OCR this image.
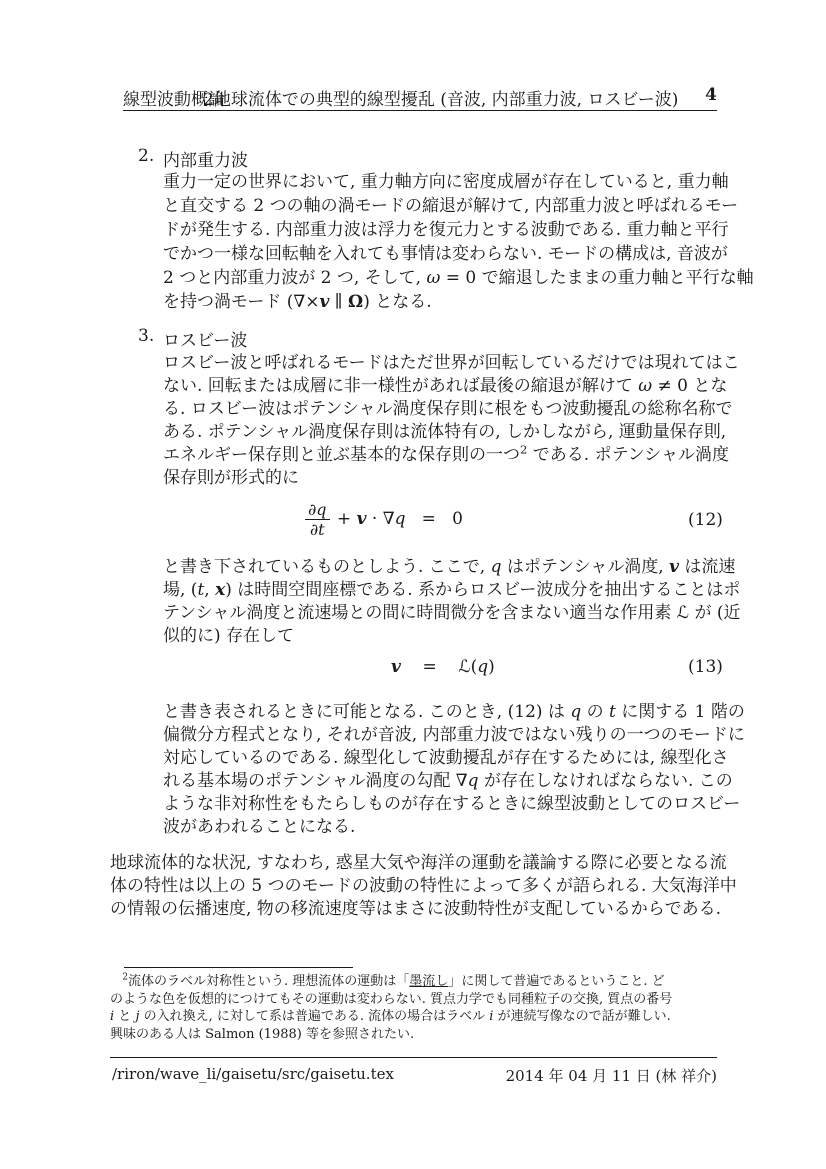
線型波動概論
2地球流体での典型的線型擾乱 (音波, 内部重力波, ロスビー波)	4
2. 内部重力波
重力一定の世界において, 重力軸方向に密度成層が存在していると, 重力軸
と直交する 2 つの軸の渦モードの縮退が解けて, 内部重力波と呼ばれるモー
ドが発生する. 内部重力波は浮力を復元力とする波動である. 重力軸と平行
でかつ一様な回転軸を入れても事情は変わらない. モードの構成は, 音波が
2 つと内部重力波が 2 つ, そして, ω = 0 で縮退したままの重力軸と平行な軸
を持つ渦モード (∇×v ∥ Ω) となる.
3. ロスビー波
ロスビー波と呼ばれるモードはただ世界が回転しているだけでは現れてはこ
ない. 回転または成層に非一様性があれば最後の縮退が解けて ω ≠ 0 とな
る. ロスビー波はポテンシャル渦度保存則に根をもつ波動擾乱の総称名称で
ある. ポテンシャル渦度保存則は流体特有の, しかしながら, 運動量保存則,
エネルギー保存則と並ぶ基本的な保存則の一つ$^2$ である. ポテンシャル渦度
保存則が形式的に
$\frac{\partial q}{\partial t} + v \cdot \nabla q = 0$	(12)
と書き下されているものとしよう. ここで, q はポテンシャル渦度, v は流速
場, (t, x) は時間空間座標である. 系からロスビー波成分を抽出することはポ
テンシャル渦度と流速場との間に時間微分を含まない適当な作用素 ℒ が (近
似的に) 存在して
v    =    ℒ(q)	(13)
と書き表されるときに可能となる. このとき, (12) は q の t に関する 1 階の
偏微分方程式となり, それが音波, 内部重力波ではない残りの一つのモードに
対応しているのである. 線型化して波動擾乱が存在するためには, 線型化さ
れる基本場のポテンシャル渦度の勾配 ∇q が存在しなければならない. この
ような非対称性をもたらしものが存在するときに線型波動としてのロスビー
波があわれることになる.
地球流体的な状況, すなわち, 惑星大気や海洋の運動を議論する際に必要となる流
体の特性は以上の 5 つのモードの波動の特性によって多くが語られる. 大気海洋中
の情報の伝播速度, 物の移流速度等はまさに波動特性が支配しているからである.
$^2$流体のラベル対称性という. 理想流体の運動は「墨流し」に関して普遍であるということ. ど
のような色を仮想的につけてもその運動は変わらない. 質点力学でも同種粒子の交換, 質点の番号
i と j の入れ換え, に対して系は普遍である. 流体の場合はラベル i が連続写像なので話が難しい.
興味のある人は Salmon (1988) 等を参照されたい.
/riron/wave_li/gaisetu/src/gaisetu.tex	2014 年 04 月 11 日 (林 祥介)
